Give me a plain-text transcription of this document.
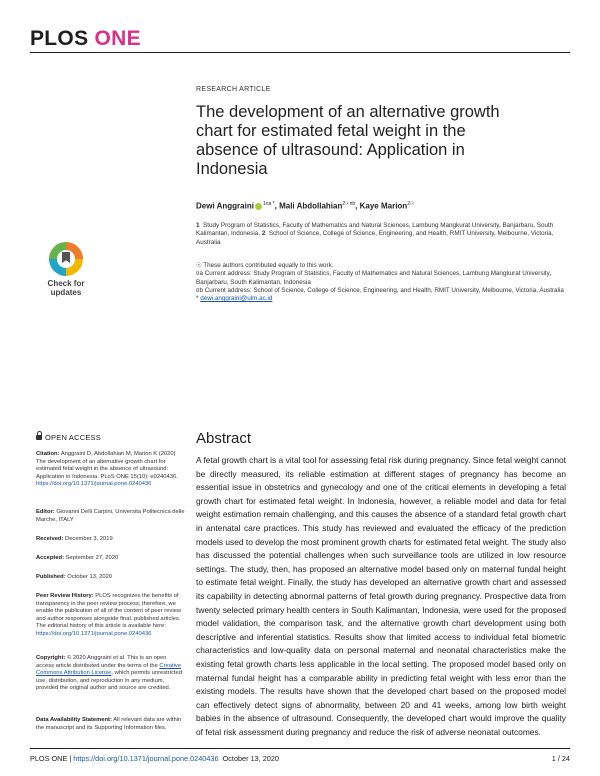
PLOS ONE
RESEARCH ARTICLE
The development of an alternative growth chart for estimated fetal weight in the absence of ultrasound: Application in Indonesia
Dewi Anggraini $^{1¤a *}$, Mali Abdollahian$^{2☉¤b}$, Kaye Marion$^{2☉}$
1 Study Program of Statistics, Faculty of Mathematics and Natural Sciences, Lambung Mangkurat University, Banjarbaru, South Kalimantan, Indonesia, 2 School of Science, College of Science, Engineering, and Health, RMIT University, Melbourne, Victoria, Australia
☉ These authors contributed equally to this work.
¤a Current address: Study Program of Statistics, Faculty of Mathematics and Natural Sciences, Lambung Mangkurat University, Banjarbaru, South Kalimantan, Indonesia
¤b Current address: School of Science, College of Science, Engineering, and Health, RMIT University, Melbourne, Victoria, Australia
* dewi.anggraini@ulm.ac.id
Check for
updates
OPEN ACCESS
Citation: Anggraini D, Abdollahian M, Marion K (2020) The development of an alternative growth chart for estimated fetal weight in the absence of ultrasound: Application in Indonesia. PLoS ONE 15(10): e0240436. https://doi.org/10.1371/journal.pone.0240436
Editor: Giovanni Delli Carpini, Universita Politecnica delle Marche, ITALY
Received: December 3, 2019
Accepted: September 27, 2020
Published: October 13, 2020
Peer Review History: PLOS recognizes the benefits of transparency in the peer review process; therefore, we enable the publication of all of the content of peer review and author responses alongside final, published articles. The editorial history of this article is available here: https://doi.org/10.1371/journal.pone.0240436
Copyright: © 2020 Anggraini et al. This is an open access article distributed under the terms of the Creative Commons Attribution License, which permits unrestricted use, distribution, and reproduction in any medium, provided the original author and source are credited.
Data Availability Statement: All relevant data are within the manuscript and its Supporting Information files.
Abstract
A fetal growth chart is a vital tool for assessing fetal risk during pregnancy. Since fetal weight cannot be directly measured, its reliable estimation at different stages of pregnancy has become an essential issue in obstetrics and gynecology and one of the critical elements in developing a fetal growth chart for estimated fetal weight. In Indonesia, however, a reliable model and data for fetal weight estimation remain challenging, and this causes the absence of a standard fetal growth chart in antenatal care practices. This study has reviewed and evaluated the efficacy of the prediction models used to develop the most prominent growth charts for estimated fetal weight. The study also has discussed the potential challenges when such surveillance tools are utilized in low resource settings. The study, then, has proposed an alternative model based only on maternal fundal height to estimate fetal weight. Finally, the study has developed an alternative growth chart and assessed its capability in detecting abnormal patterns of fetal growth during pregnancy. Prospective data from twenty selected primary health centers in South Kalimantan, Indonesia, were used for the proposed model validation, the comparison task, and the alternative growth chart development using both descriptive and inferential statistics. Results show that limited access to individual fetal biometric characteristics and low-quality data on personal maternal and neonatal characteristics make the existing fetal growth charts less applicable in the local setting. The proposed model based only on maternal fundal height has a comparable ability in predicting fetal weight with less error than the existing models. The results have shown that the developed chart based on the proposed model can effectively detect signs of abnormality, between 20 and 41 weeks, among low birth weight babies in the absence of ultrasound. Consequently, the developed chart would improve the quality of fetal risk assessment during pregnancy and reduce the risk of adverse neonatal outcomes.
PLOS ONE | https://doi.org/10.1371/journal.pone.0240436 October 13, 2020	1 / 24
